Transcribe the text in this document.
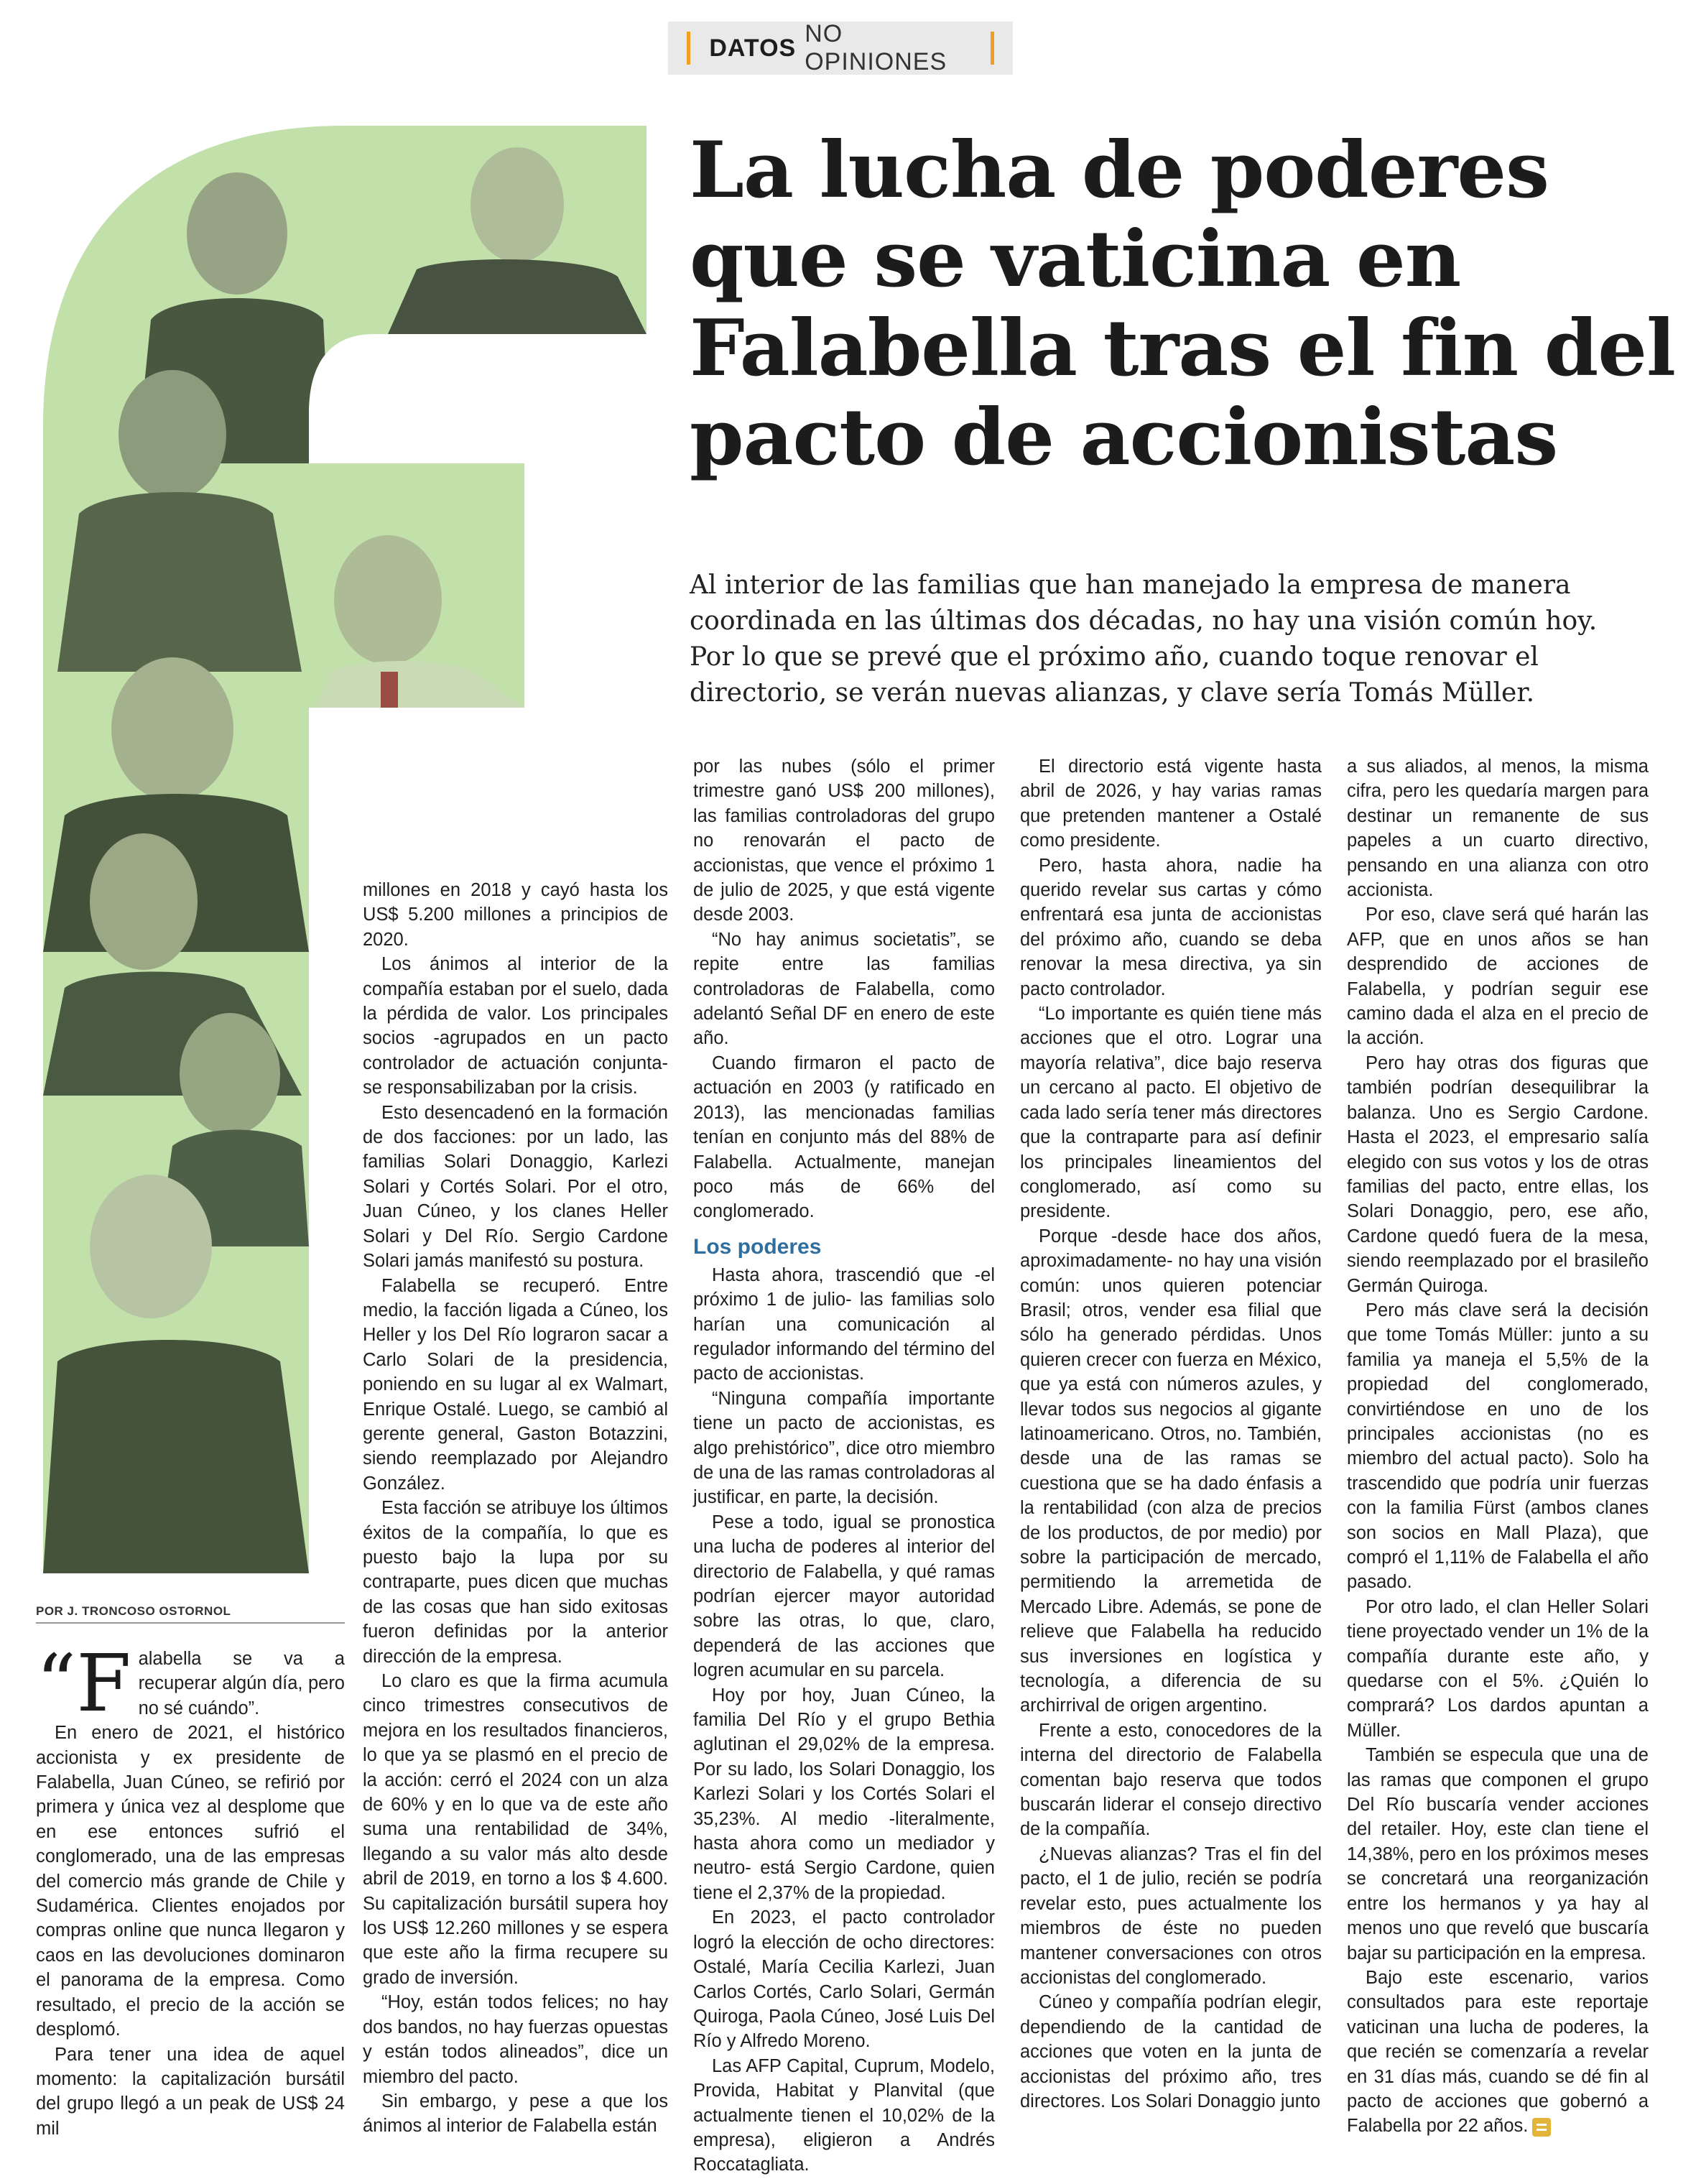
DATOS
NO OPINIONES
La lucha de poderes que se vaticina en Falabella tras el fin del pacto de accionistas

Al interior de las familias que han manejado la empresa de manera coordinada en las últimas dos décadas, no hay una visión común hoy. Por lo que se prevé que el próximo año, cuando toque renovar el directorio, se verán nuevas alianzas, y clave sería Tomás Müller.

POR J. TRONCOSO OSTORNOL

“Falabella se va a recuperar algún día, pero no sé cuándo”.

En enero de 2021, el histórico accionista y ex presidente de Falabella, Juan Cúneo, se refirió por primera y única vez al desplome que en ese entonces sufrió el conglomerado, una de las empresas del comercio más grande de Chile y Sudamérica. Clientes enojados por compras online que nunca llegaron y caos en las devoluciones dominaron el panorama de la empresa. Como resultado, el precio de la acción se desplomó.

Para tener una idea de aquel momento: la capitalización bursátil del grupo llegó a un peak de US$ 24 mil

millones en 2018 y cayó hasta los US$ 5.200 millones a principios de 2020.

Los ánimos al interior de la compañía estaban por el suelo, dada la pérdida de valor. Los principales socios -agrupados en un pacto controlador de actuación conjunta- se responsabilizaban por la crisis.

Esto desencadenó en la formación de dos facciones: por un lado, las familias Solari Donaggio, Karlezi Solari y Cortés Solari. Por el otro, Juan Cúneo, y los clanes Heller Solari y Del Río. Sergio Cardone Solari jamás manifestó su postura.

Falabella se recuperó. Entre medio, la facción ligada a Cúneo, los Heller y los Del Río lograron sacar a Carlo Solari de la presidencia, poniendo en su lugar al ex Walmart, Enrique Ostalé. Luego, se cambió al gerente general, Gaston Botazzini, siendo reemplazado por Alejandro González.

Esta facción se atribuye los últimos éxitos de la compañía, lo que es puesto bajo la lupa por su contraparte, pues dicen que muchas de las cosas que han sido exitosas fueron definidas por la anterior dirección de la empresa.

Lo claro es que la firma acumula cinco trimestres consecutivos de mejora en los resultados financieros, lo que ya se plasmó en el precio de la acción: cerró el 2024 con un alza de 60% y en lo que va de este año suma una rentabilidad de 34%, llegando a su valor más alto desde abril de 2019, en torno a los $ 4.600. Su capitalización bursátil supera hoy los US$ 12.260 millones y se espera que este año la firma recupere su grado de inversión.

“Hoy, están todos felices; no hay dos bandos, no hay fuerzas opuestas y están todos alineados”, dice un miembro del pacto.

Sin embargo, y pese a que los ánimos al interior de Falabella están

por las nubes (sólo el primer trimestre ganó US$ 200 millones), las familias controladoras del grupo no renovarán el pacto de accionistas, que vence el próximo 1 de julio de 2025, y que está vigente desde 2003.

“No hay animus societatis”, se repite entre las familias controladoras de Falabella, como adelantó Señal DF en enero de este año.

Cuando firmaron el pacto de actuación en 2003 (y ratificado en 2013), las mencionadas familias tenían en conjunto más del 88% de Falabella. Actualmente, manejan poco más de 66% del conglomerado.

Los poderes

Hasta ahora, trascendió que -el próximo 1 de julio- las familias solo harían una comunicación al regulador informando del término del pacto de accionistas.

“Ninguna compañía importante tiene un pacto de accionistas, es algo prehistórico”, dice otro miembro de una de las ramas controladoras al justificar, en parte, la decisión.

Pese a todo, igual se pronostica una lucha de poderes al interior del directorio de Falabella, y qué ramas podrían ejercer mayor autoridad sobre las otras, lo que, claro, dependerá de las acciones que logren acumular en su parcela.

Hoy por hoy, Juan Cúneo, la familia Del Río y el grupo Bethia aglutinan el 29,02% de la empresa. Por su lado, los Solari Donaggio, los Karlezi Solari y los Cortés Solari el 35,23%. Al medio -literalmente, hasta ahora como un mediador y neutro- está Sergio Cardone, quien tiene el 2,37% de la propiedad.

En 2023, el pacto controlador logró la elección de ocho directores: Ostalé, María Cecilia Karlezi, Juan Carlos Cortés, Carlo Solari, Germán Quiroga, Paola Cúneo, José Luis Del Río y Alfredo Moreno.

Las AFP Capital, Cuprum, Modelo, Provida, Habitat y Planvital (que actualmente tienen el 10,02% de la empresa), eligieron a Andrés Roccatagliata.

El directorio está vigente hasta abril de 2026, y hay varias ramas que pretenden mantener a Ostalé como presidente.

Pero, hasta ahora, nadie ha querido revelar sus cartas y cómo enfrentará esa junta de accionistas del próximo año, cuando se deba renovar la mesa directiva, ya sin pacto controlador.

“Lo importante es quién tiene más acciones que el otro. Lograr una mayoría relativa”, dice bajo reserva un cercano al pacto. El objetivo de cada lado sería tener más directores que la contraparte para así definir los principales lineamientos del conglomerado, así como su presidente.

Porque -desde hace dos años, aproximadamente- no hay una visión común: unos quieren potenciar Brasil; otros, vender esa filial que sólo ha generado pérdidas. Unos quieren crecer con fuerza en México, que ya está con números azules, y llevar todos sus negocios al gigante latinoamericano. Otros, no. También, desde una de las ramas se cuestiona que se ha dado énfasis a la rentabilidad (con alza de precios de los productos, de por medio) por sobre la participación de mercado, permitiendo la arremetida de Mercado Libre. Además, se pone de relieve que Falabella ha reducido sus inversiones en logística y tecnología, a diferencia de su archirrival de origen argentino.

Frente a esto, conocedores de la interna del directorio de Falabella comentan bajo reserva que todos buscarán liderar el consejo directivo de la compañía.

¿Nuevas alianzas? Tras el fin del pacto, el 1 de julio, recién se podría revelar esto, pues actualmente los miembros de éste no pueden mantener conversaciones con otros accionistas del conglomerado.

Cúneo y compañía podrían elegir, dependiendo de la cantidad de acciones que voten en la junta de accionistas del próximo año, tres directores. Los Solari Donaggio junto

a sus aliados, al menos, la misma cifra, pero les quedaría margen para destinar un remanente de sus papeles a un cuarto directivo, pensando en una alianza con otro accionista.

Por eso, clave será qué harán las AFP, que en unos años se han desprendido de acciones de Falabella, y podrían seguir ese camino dada el alza en el precio de la acción.

Pero hay otras dos figuras que también podrían desequilibrar la balanza. Uno es Sergio Cardone. Hasta el 2023, el empresario salía elegido con sus votos y los de otras familias del pacto, entre ellas, los Solari Donaggio, pero, ese año, Cardone quedó fuera de la mesa, siendo reemplazado por el brasileño Germán Quiroga.

Pero más clave será la decisión que tome Tomás Müller: junto a su familia ya maneja el 5,5% de la propiedad del conglomerado, convirtiéndose en uno de los principales accionistas (no es miembro del actual pacto). Solo ha trascendido que podría unir fuerzas con la familia Fürst (ambos clanes son socios en Mall Plaza), que compró el 1,11% de Falabella el año pasado.

Por otro lado, el clan Heller Solari tiene proyectado vender un 1% de la compañía durante este año, y quedarse con el 5%. ¿Quién lo comprará? Los dardos apuntan a Müller.

También se especula que una de las ramas que componen el grupo Del Río buscaría vender acciones del retailer. Hoy, este clan tiene el 14,38%, pero en los próximos meses se concretará una reorganización entre los hermanos y ya hay al menos uno que reveló que buscaría bajar su participación en la empresa.

Bajo este escenario, varios consultados para este reportaje vaticinan una lucha de poderes, la que recién se comenzaría a revelar en 31 días más, cuando se dé fin al pacto de acciones que gobernó a Falabella por 22 años.
